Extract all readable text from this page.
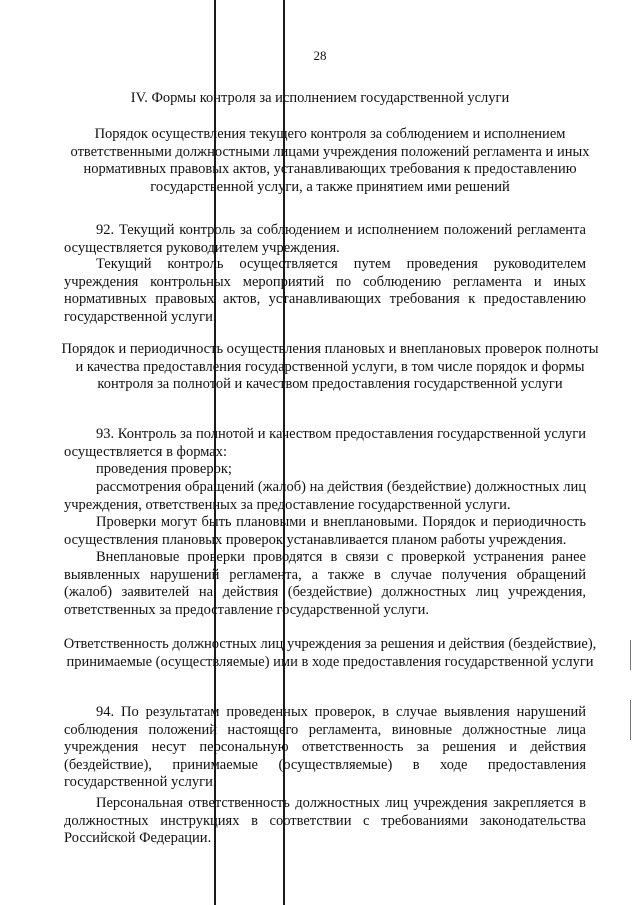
28
IV. Формы контроля за исполнением государственной услуги
Порядок осуществления текущего контроля за соблюдением и исполнением ответственными должностными лицами учреждения положений регламента и иных нормативных правовых актов, устанавливающих требования к предоставлению государственной услуги, а также принятием ими решений
92. Текущий контроль за соблюдением и исполнением положений регламента осуществляется руководителем учреждения.
Текущий контроль осуществляется путем проведения руководителем учреждения контрольных мероприятий по соблюдению регламента и иных нормативных правовых актов, устанавливающих требования к предоставлению государственной услуги.
Порядок и периодичность осуществления плановых и внеплановых проверок полноты и качества предоставления государственной услуги, в том числе порядок и формы контроля за полнотой и качеством предоставления государственной услуги
93. Контроль за полнотой и качеством предоставления государственной услуги осуществляется в формах:
проведения проверок;
рассмотрения обращений (жалоб) на действия (бездействие) должностных лиц учреждения, ответственных за предоставление государственной услуги.
Проверки могут быть плановыми и внеплановыми. Порядок и периодичность осуществления плановых проверок устанавливается планом работы учреждения.
Внеплановые проверки проводятся в связи с проверкой устранения ранее выявленных нарушений регламента, а также в случае получения обращений (жалоб) заявителей на действия (бездействие) должностных лиц учреждения, ответственных за предоставление государственной услуги.
Ответственность должностных лиц учреждения за решения и действия (бездействие), принимаемые (осуществляемые) ими в ходе предоставления государственной услуги
94. По результатам проведенных проверок, в случае выявления нарушений соблюдения положений настоящего регламента, виновные должностные лица учреждения несут персональную ответственность за решения и действия (бездействие), принимаемые (осуществляемые) в ходе предоставления государственной услуги.
Персональная ответственность должностных лиц учреждения закрепляется в должностных инструкциях в соответствии с требованиями законодательства Российской Федерации.
